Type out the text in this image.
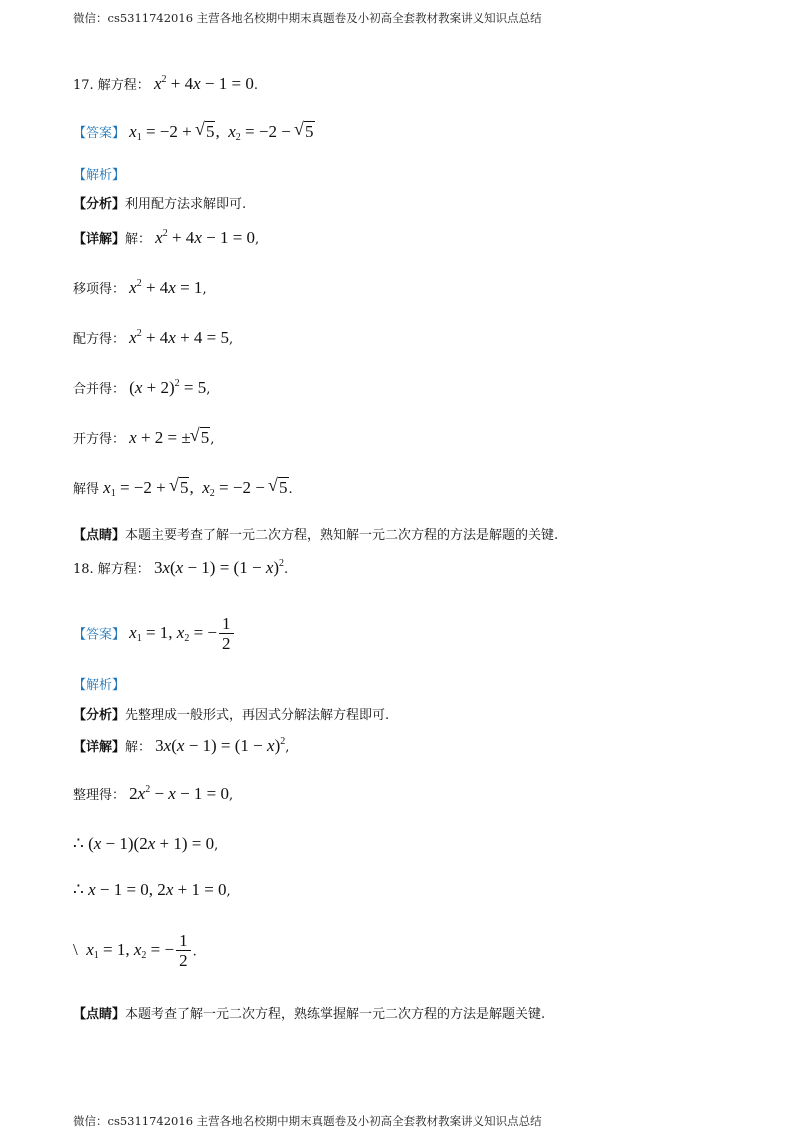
微信：cs5311742016 主营各地名校期中期末真题卷及小初高全套教材教案讲义知识点总结
17. 解方程： $x^2 + 4x - 1 = 0$.
【答案】 $x_1 = -2$ + √ 5,  $x_2 = -2$ − √ 5
【解析】
【分析】利用配方法求解即可.
【详解】解： $x^2 + 4x - 1 = 0$,
移项得： $x^2 + 4x = 1$,
配方得： $x^2 + 4x + 4 = 5$,
合并得： $(x + 2)^2 = 5$,
开方得： x + 2 = ±√ 5,
解得 $x_1 = -2$ + √ 5,  $x_2 = -2$ − √ 5.
【点睛】本题主要考查了解一元二次方程，熟知解一元二次方程的方法是解题的关键.
18. 解方程： $3x(x - 1) = (1 - x)^2$.
【答案】 $x_1 = 1$, $x_2$ = − $\frac{1}{2}$
【解析】
【分析】先整理成一般形式，再因式分解法解方程即可.
【详解】解： $3x(x - 1) = (1 - x)^2$,
整理得： $2x^2 - x - 1 = 0$,
∴ (x − 1)(2x + 1) = 0,
∴ x − 1 = 0, 2x + 1 = 0,
\  $x_1 = 1$, $x_2$ = − $\frac{1}{2}$ .
【点睛】本题考查了解一元二次方程，熟练掌握解一元二次方程的方法是解题关键.
微信：cs5311742016 主营各地名校期中期末真题卷及小初高全套教材教案讲义知识点总结
